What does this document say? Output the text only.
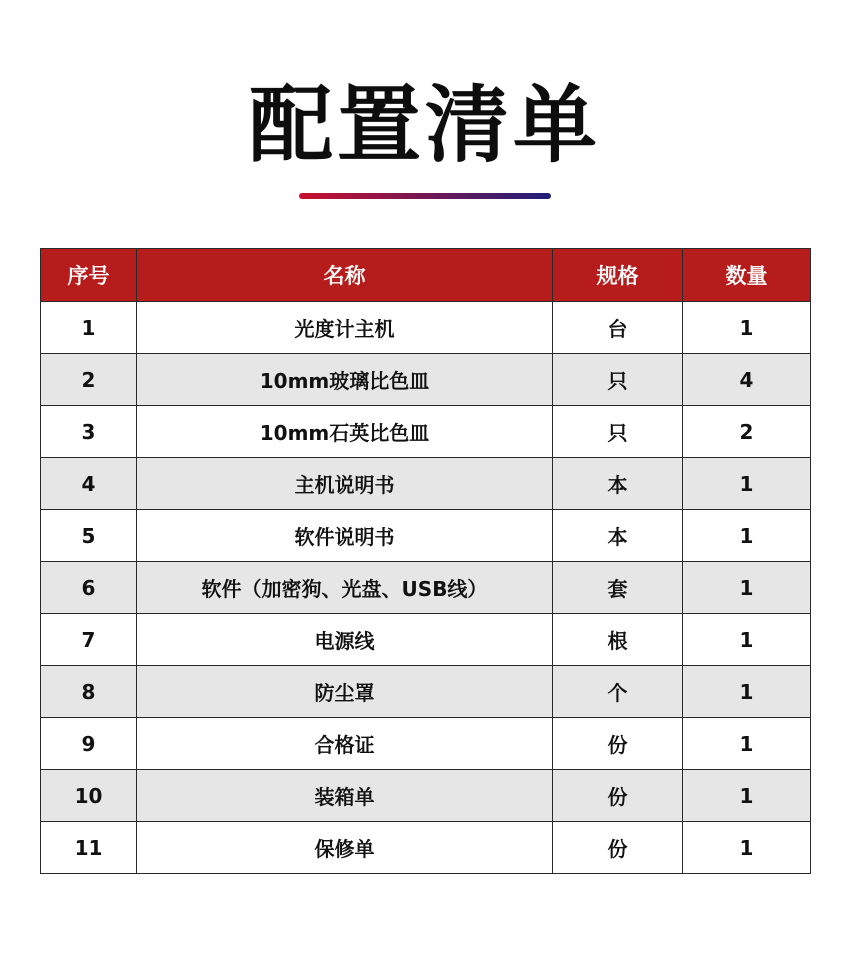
配置清单
序号	名称	规格	数量
1	光度计主机	台	1
2	10mm玻璃比色皿	只	4
3	10mm石英比色皿	只	2
4	主机说明书	本	1
5	软件说明书	本	1
6	软件（加密狗、光盘、USB线）	套	1
7	电源线	根	1
8	防尘罩	个	1
9	合格证	份	1
10	装箱单	份	1
11	保修单	份	1
